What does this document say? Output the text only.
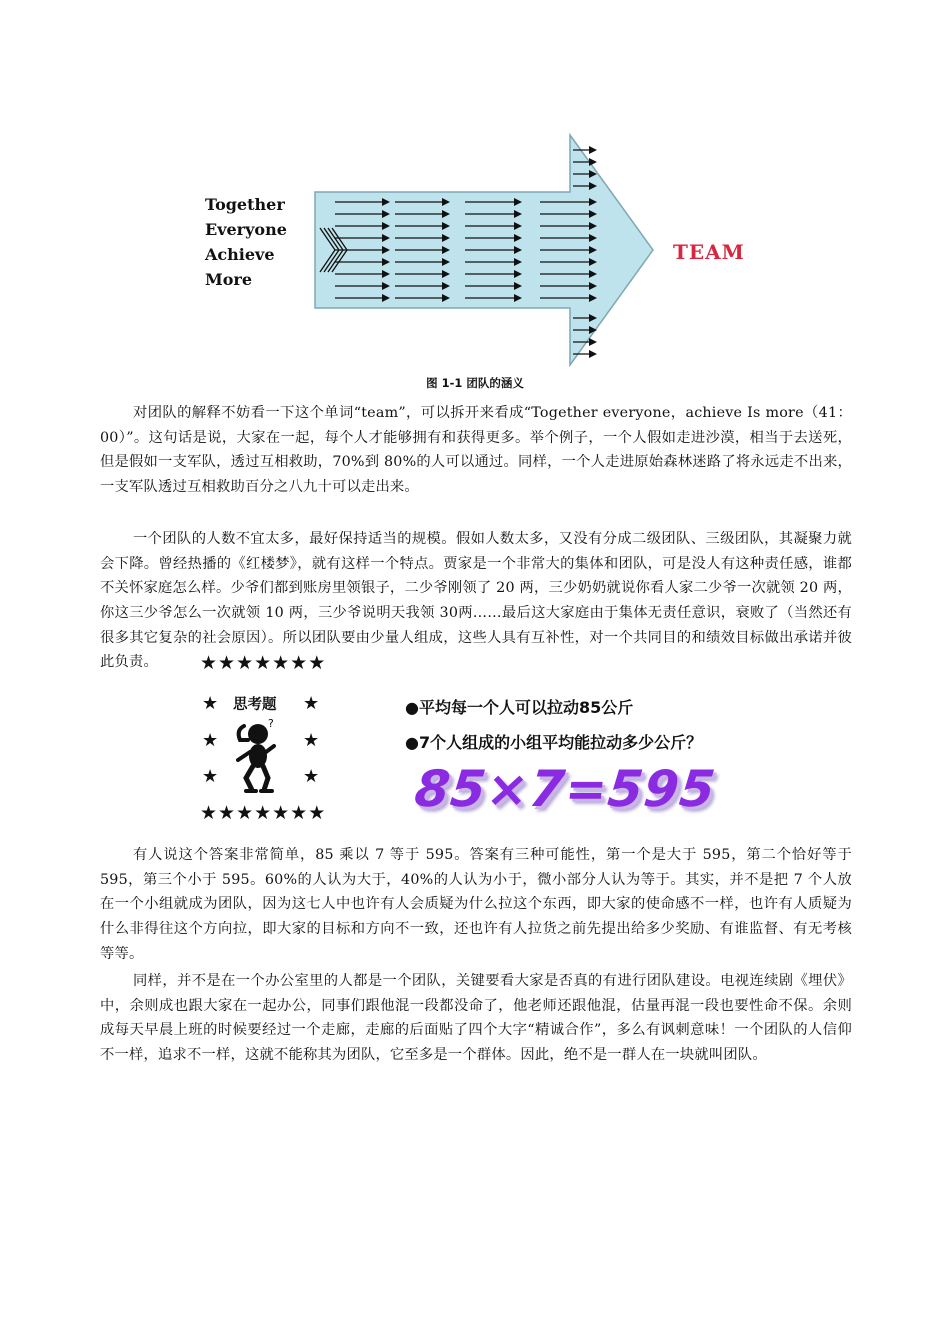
Together
Everyone
Achieve
More
TEAM
图 1-1 团队的涵义

对团队的解释不妨看一下这个单词“team”，可以拆开来看成“Together everyone，achieve Is more（41：00）”。这句话是说，大家在一起，每个人才能够拥有和获得更多。举个例子，一个人假如走进沙漠，相当于去送死，但是假如一支军队，透过互相救助，70%到 80%的人可以通过。同样，一个人走进原始森林迷路了将永远走不出来，一支军队透过互相救助百分之八九十可以走出来。

一个团队的人数不宜太多，最好保持适当的规模。假如人数太多，又没有分成二级团队、三级团队，其凝聚力就会下降。曾经热播的《红楼梦》，就有这样一个特点。贾家是一个非常大的集体和团队，可是没人有这种责任感，谁都不关怀家庭怎么样。少爷们都到账房里领银子，二少爷刚领了 20 两，三少奶奶就说你看人家二少爷一次就领 20 两，你这三少爷怎么一次就领 10 两，三少爷说明天我领 30两……最后这大家庭由于集体无责任意识，衰败了（当然还有很多其它复杂的社会原因）。所以团队要由少量人组成，这些人具有互补性，对一个共同目的和绩效目标做出承诺并彼此负责。	★★★★★★★
★ 思考题 ★
★	★
★	★
★★★★★★★
?
●平均每一个人可以拉动85公斤
●7个人组成的小组平均能拉动多少公斤？
85×7=595

有人说这个答案非常简单，85 乘以 7 等于 595。答案有三种可能性，第一个是大于 595，第二个恰好等于 595，第三个小于 595。60%的人认为大于，40%的人认为小于，微小部分人认为等于。其实，并不是把 7 个人放在一个小组就成为团队，因为这七人中也许有人会质疑为什么拉这个东西，即大家的使命感不一样，也许有人质疑为什么非得往这个方向拉，即大家的目标和方向不一致，还也许有人拉货之前先提出给多少奖励、有谁监督、有无考核等等。

同样，并不是在一个办公室里的人都是一个团队，关键要看大家是否真的有进行团队建设。电视连续剧《埋伏》中，余则成也跟大家在一起办公，同事们跟他混一段都没命了，他老师还跟他混，估量再混一段也要性命不保。余则成每天早晨上班的时候要经过一个走廊，走廊的后面贴了四个大字“精诚合作”，多么有讽刺意味！一个团队的人信仰不一样，追求不一样，这就不能称其为团队，它至多是一个群体。因此，绝不是一群人在一块就叫团队。
